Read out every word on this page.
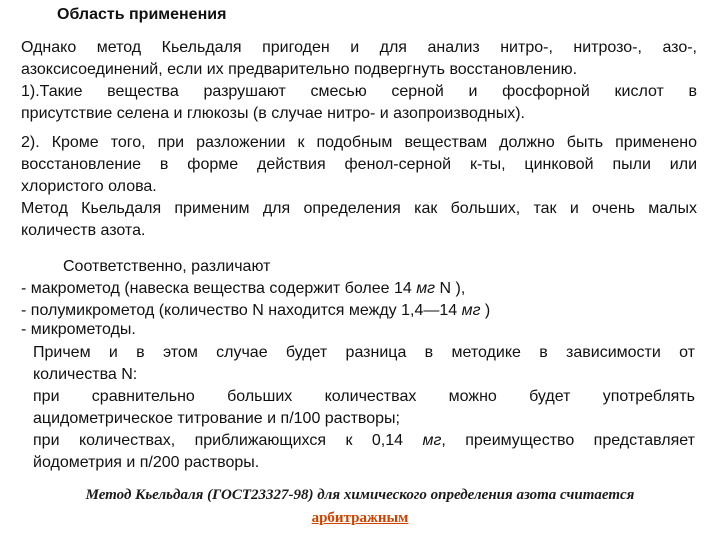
Область применения
Однако метод Кьельдаля пригоден и для анализ нитро-, нитрозо-, азо-,
азоксисоединений, если их предварительно подвергнуть восстановлению.
1).Такие вещества разрушают смесью серной и фосфорной кислот в
присутствие селена и глюкозы (в случае нитро- и азопроизводных).
2). Кроме того, при разложении к подобным веществам должно быть применено
восстановление в форме действия фенол-серной к-ты, цинковой пыли или
хлористого олова.
Метод Кьельдаля применим для определения как больших, так и очень малых
количеств азота.
Соответственно, различают
- макрометод (навеска вещества содержит более 14 мг N ),
- полумикрометод (количество N находится между 1,4—14 мг )
- микрометоды.
Причем и в этом случае будет разница в методике в зависимости от
количества N:
при сравнительно больших количествах можно будет употреблять
ацидометрическое титрование и п/100 растворы;
при количествах, приближающихся к 0,14 мг, преимущество представляет
йодометрия и п/200 растворы.
Метод Кьельдаля (ГОСТ23327-98) для химического определения азота считается
арбитражным
